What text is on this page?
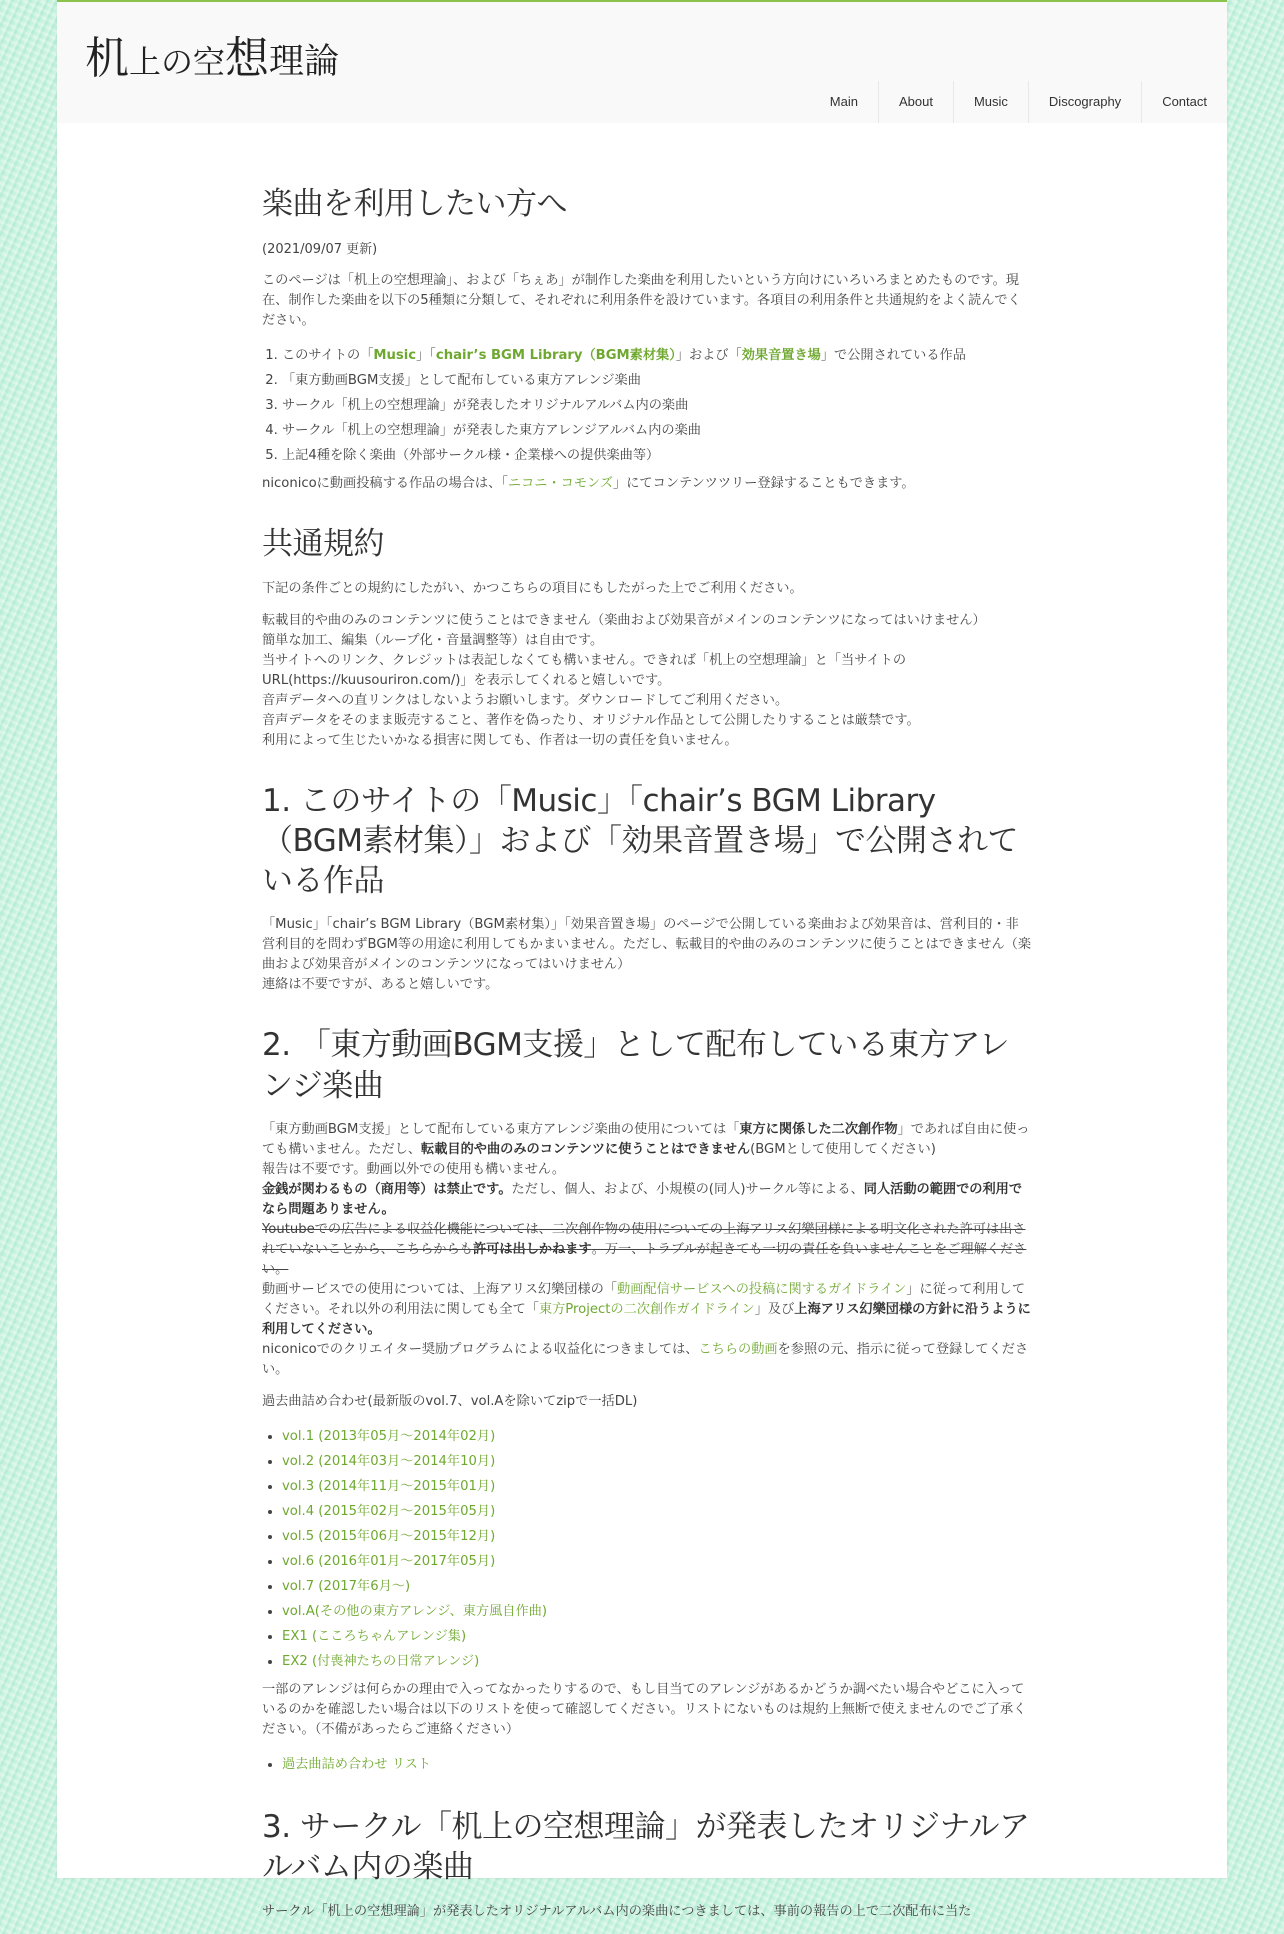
机上の空想理論
Main	About	Music	Discography	Contact
楽曲を利用したい方へ
(2021/09/07 更新)

このページは「机上の空想理論」、および「ちぇあ」が制作した楽曲を利用したいという方向けにいろいろまとめたものです。現在、制作した楽曲を以下の5種類に分類して、それぞれに利用条件を設けています。各項目の利用条件と共通規約をよく読んでください。

1. このサイトの「Music」「chair’s BGM Library（BGM素材集）」および「効果音置き場」で公開されている作品
2. 「東方動画BGM支援」として配布している東方アレンジ楽曲
3. サークル「机上の空想理論」が発表したオリジナルアルバム内の楽曲
4. サークル「机上の空想理論」が発表した東方アレンジアルバム内の楽曲
5. 上記4種を除く楽曲（外部サークル様・企業様への提供楽曲等）

niconicoに動画投稿する作品の場合は、「ニコニ・コモンズ」にてコンテンツツリー登録することもできます。

共通規約

下記の条件ごとの規約にしたがい、かつこちらの項目にもしたがった上でご利用ください。

転載目的や曲のみのコンテンツに使うことはできません（楽曲および効果音がメインのコンテンツになってはいけません）
簡単な加工、編集（ループ化・音量調整等）は自由です。
当サイトへのリンク、クレジットは表記しなくても構いません。できれば「机上の空想理論」と「当サイトのURL(https://kuusouriron.com/)」を表示してくれると嬉しいです。
音声データへの直リンクはしないようお願いします。ダウンロードしてご利用ください。
音声データをそのまま販売すること、著作を偽ったり、オリジナル作品として公開したりすることは厳禁です。
利用によって生じたいかなる損害に関しても、作者は一切の責任を負いません。
1. このサイトの「Music」「chair’s BGM Library（BGM素材集）」および「効果音置き場」で公開されている作品
「Music」「chair’s BGM Library（BGM素材集）」「効果音置き場」のページで公開している楽曲および効果音は、営利目的・非営利目的を問わずBGM等の用途に利用してもかまいません。ただし、転載目的や曲のみのコンテンツに使うことはできません（楽曲および効果音がメインのコンテンツになってはいけません）
連絡は不要ですが、あると嬉しいです。
2. 「東方動画BGM支援」として配布している東方アレンジ楽曲
「東方動画BGM支援」として配布している東方アレンジ楽曲の使用については「東方に関係した二次創作物」であれば自由に使っても構いません。ただし、転載目的や曲のみのコンテンツに使うことはできません(BGMとして使用してください)
報告は不要です。動画以外での使用も構いません。
金銭が関わるもの（商用等）は禁止です。ただし、個人、および、小規模の(同人)サークル等による、同人活動の範囲での利用でなら問題ありません。
Youtubeでの広告による収益化機能については、二次創作物の使用についての上海アリス幻樂団様による明文化された許可は出されていないことから、こちらからも許可は出しかねます。万一、トラブルが起きても一切の責任を負いませんことをご理解ください。
動画サービスでの使用については、上海アリス幻樂団様の「動画配信サービスへの投稿に関するガイドライン」に従って利用してください。それ以外の利用法に関しても全て「東方Projectの二次創作ガイドライン」及び上海アリス幻樂団様の方針に沿うように利用してください。
niconicoでのクリエイター奨励プログラムによる収益化につきましては、こちらの動画を参照の元、指示に従って登録してください。

過去曲詰め合わせ(最新版のvol.7、vol.Aを除いてzipで一括DL)

• vol.1 (2013年05月～2014年02月)
• vol.2 (2014年03月～2014年10月)
• vol.3 (2014年11月～2015年01月)
• vol.4 (2015年02月～2015年05月)
• vol.5 (2015年06月～2015年12月)
• vol.6 (2016年01月～2017年05月)
• vol.7 (2017年6月～)
• vol.A(その他の東方アレンジ、東方風自作曲)
• EX1 (こころちゃんアレンジ集)
• EX2 (付喪神たちの日常アレンジ)

一部のアレンジは何らかの理由で入ってなかったりするので、もし目当てのアレンジがあるかどうか調べたい場合やどこに入っているのかを確認したい場合は以下のリストを使って確認してください。リストにないものは規約上無断で使えませんのでご了承ください。（不備があったらご連絡ください）

• 過去曲詰め合わせ リスト
3. サークル「机上の空想理論」が発表したオリジナルアルバム内の楽曲

サークル「机上の空想理論」が発表したオリジナルアルバム内の楽曲につきましては、事前の報告の上で二次配布に当た
